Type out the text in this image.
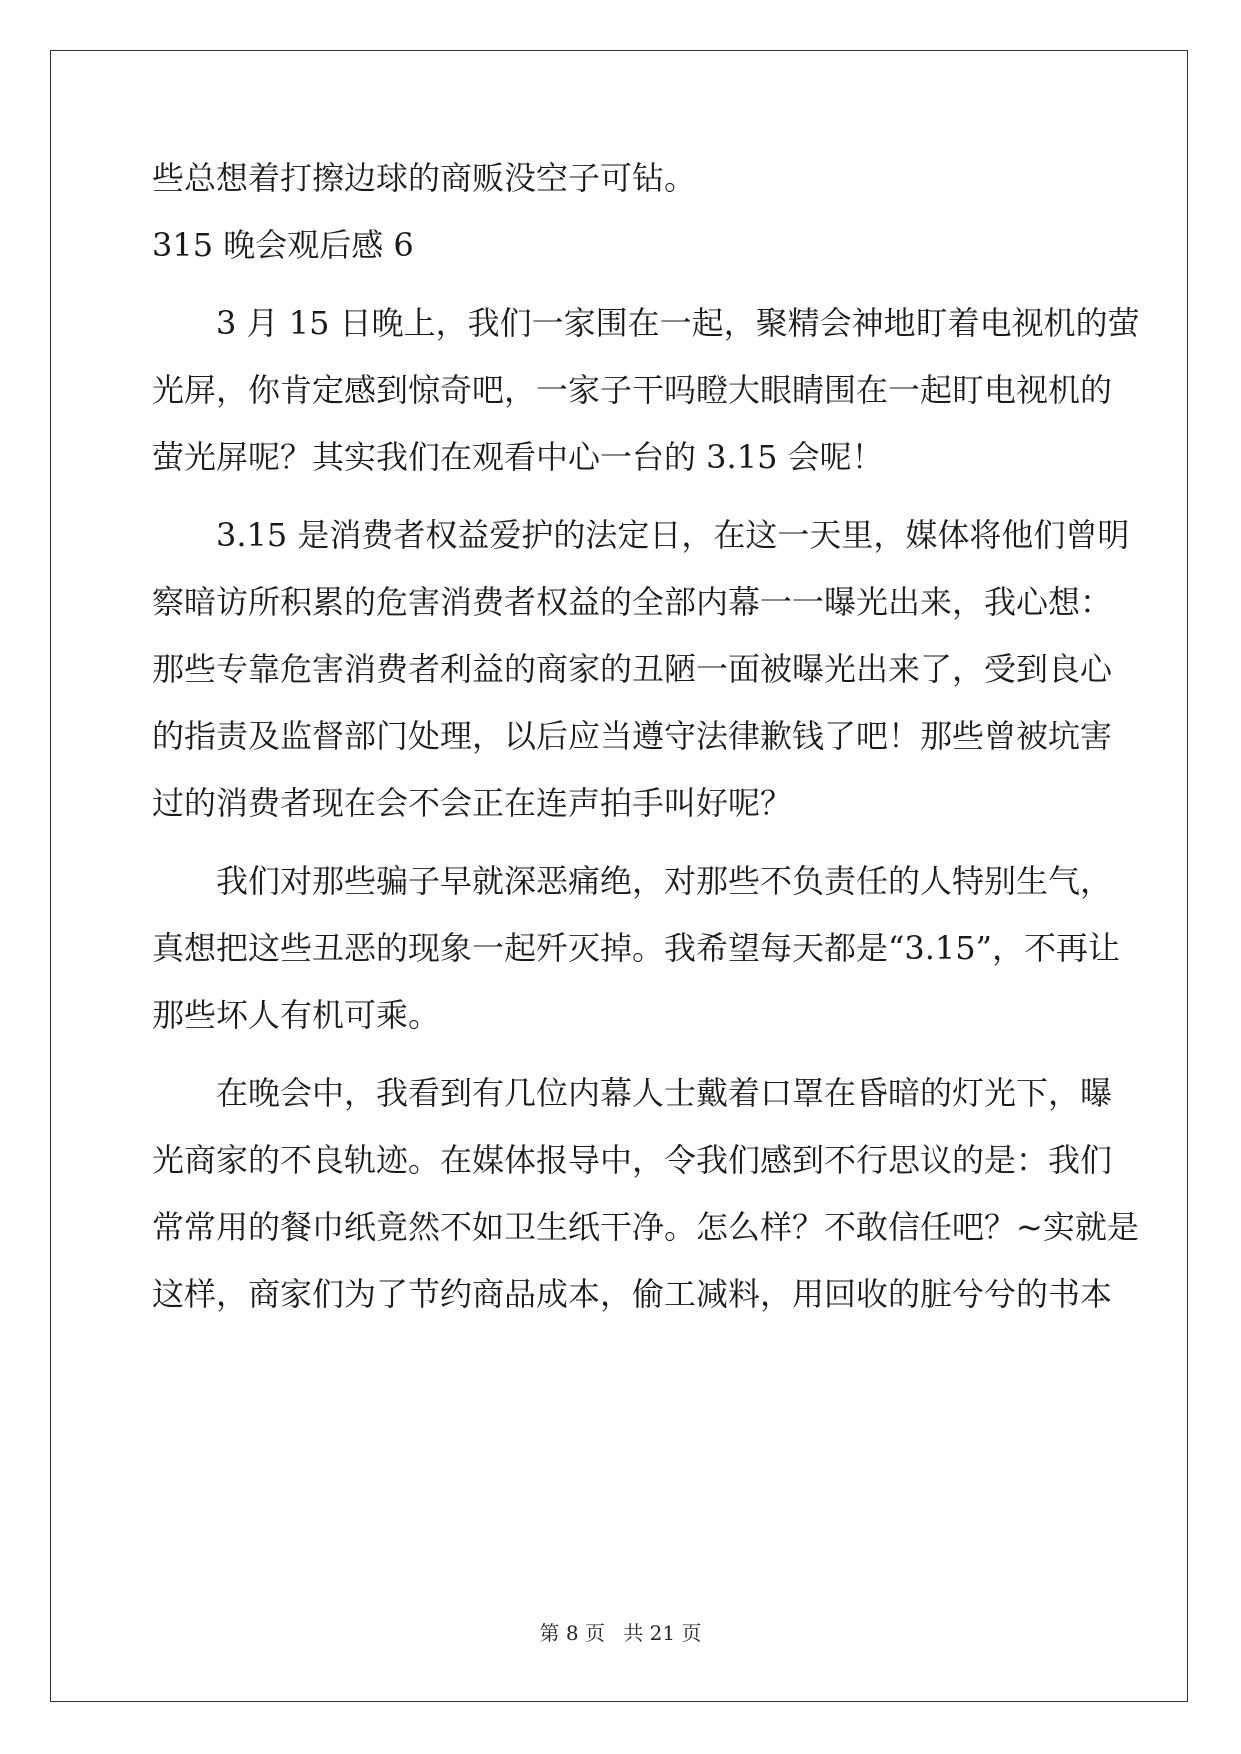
些总想着打擦边球的商贩没空子可钻。
315 晚会观后感 6
3 月 15 日晚上，我们一家围在一起，聚精会神地盯着电视机的萤
光屏，你肯定感到惊奇吧，一家子干吗瞪大眼睛围在一起盯电视机的
萤光屏呢？其实我们在观看中心一台的 3.15 会呢！
3.15 是消费者权益爱护的法定日，在这一天里，媒体将他们曾明
察暗访所积累的危害消费者权益的全部内幕一一曝光出来，我心想：
那些专靠危害消费者利益的商家的丑陋一面被曝光出来了，受到良心
的指责及监督部门处理，以后应当遵守法律歉钱了吧！那些曾被坑害
过的消费者现在会不会正在连声拍手叫好呢？
我们对那些骗子早就深恶痛绝，对那些不负责任的人特别生气，
真想把这些丑恶的现象一起歼灭掉。我希望每天都是“3.15”，不再让
那些坏人有机可乘。
在晚会中，我看到有几位内幕人士戴着口罩在昏暗的灯光下，曝
光商家的不良轨迹。在媒体报导中，令我们感到不行思议的是：我们
常常用的餐巾纸竟然不如卫生纸干净。怎么样？不敢信任吧？~实就是
这样，商家们为了节约商品成本，偷工减料，用回收的脏兮兮的书本
第 8 页 共 21 页
